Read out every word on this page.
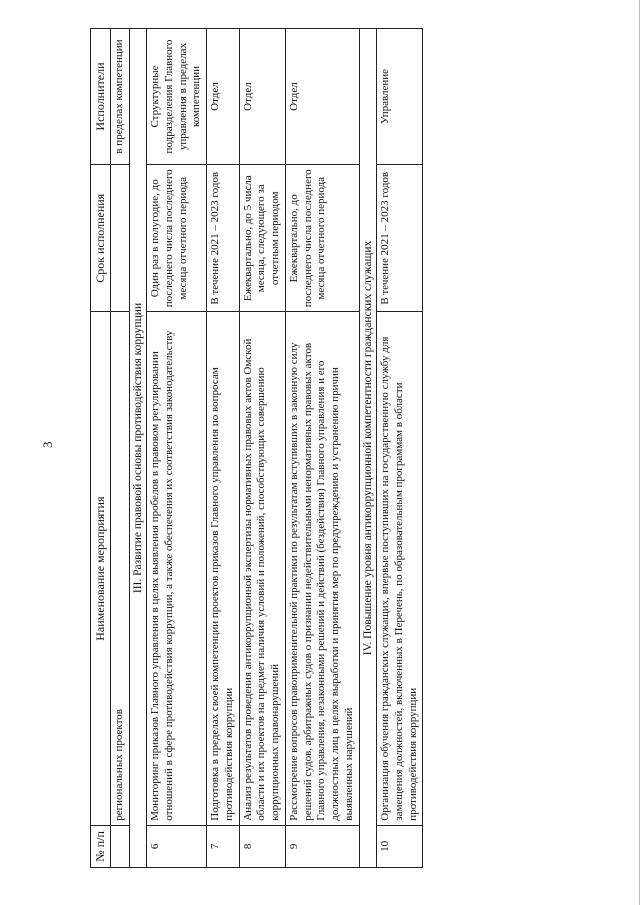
3
№ п/п	Наименование мероприятия	Срок исполнения	Исполнители
	региональных проектов		в пределах компетенции
III. Развитие правовой основы противодействия коррупции			
6	Мониторинг приказов Главного управления в целях выявления пробелов в правовом регулировании отношений в сфере противодействия коррупции, а также обеспечения их соответствия законодательству	Один раз в полугодие, до последнего числа последнего месяца отчетного периода	Структурные подразделения Главного управления в пределах компетенции
7	Подготовка в пределах своей компетенции проектов приказов Главного управления по вопросам противодействия коррупции	В течение 2021 – 2023 годов	Отдел
8	Анализ результатов проведения антикоррупционной экспертизы нормативных правовых актов Омской области и их проектов на предмет наличия условий и положений, способствующих совершению коррупционных правонарушений	Ежеквартально, до 5 числа месяца, следующего за отчетным периодом	Отдел
9	Рассмотрение вопросов правоприменительной практики по результатам вступивших в законную силу решений судов, арбитражных судов о признании недействительными ненормативных правовых актов Главного управления, незаконными решений и действий (бездействия) Главного управления и его должностных лиц в целях выработки и принятия мер по предупреждению и устранению причин выявленных нарушений	Ежеквартально, до последнего числа последнего месяца отчетного периода	Отдел
IV. Повышение уровня антикоррупционной компетентности гражданских служащих			
10	Организация обучения гражданских служащих, впервые поступивших на государственную службу для замещения должностей, включенных в Перечень, по образовательным программам в области противодействия коррупции	В течение 2021 – 2023 годов	Управление
